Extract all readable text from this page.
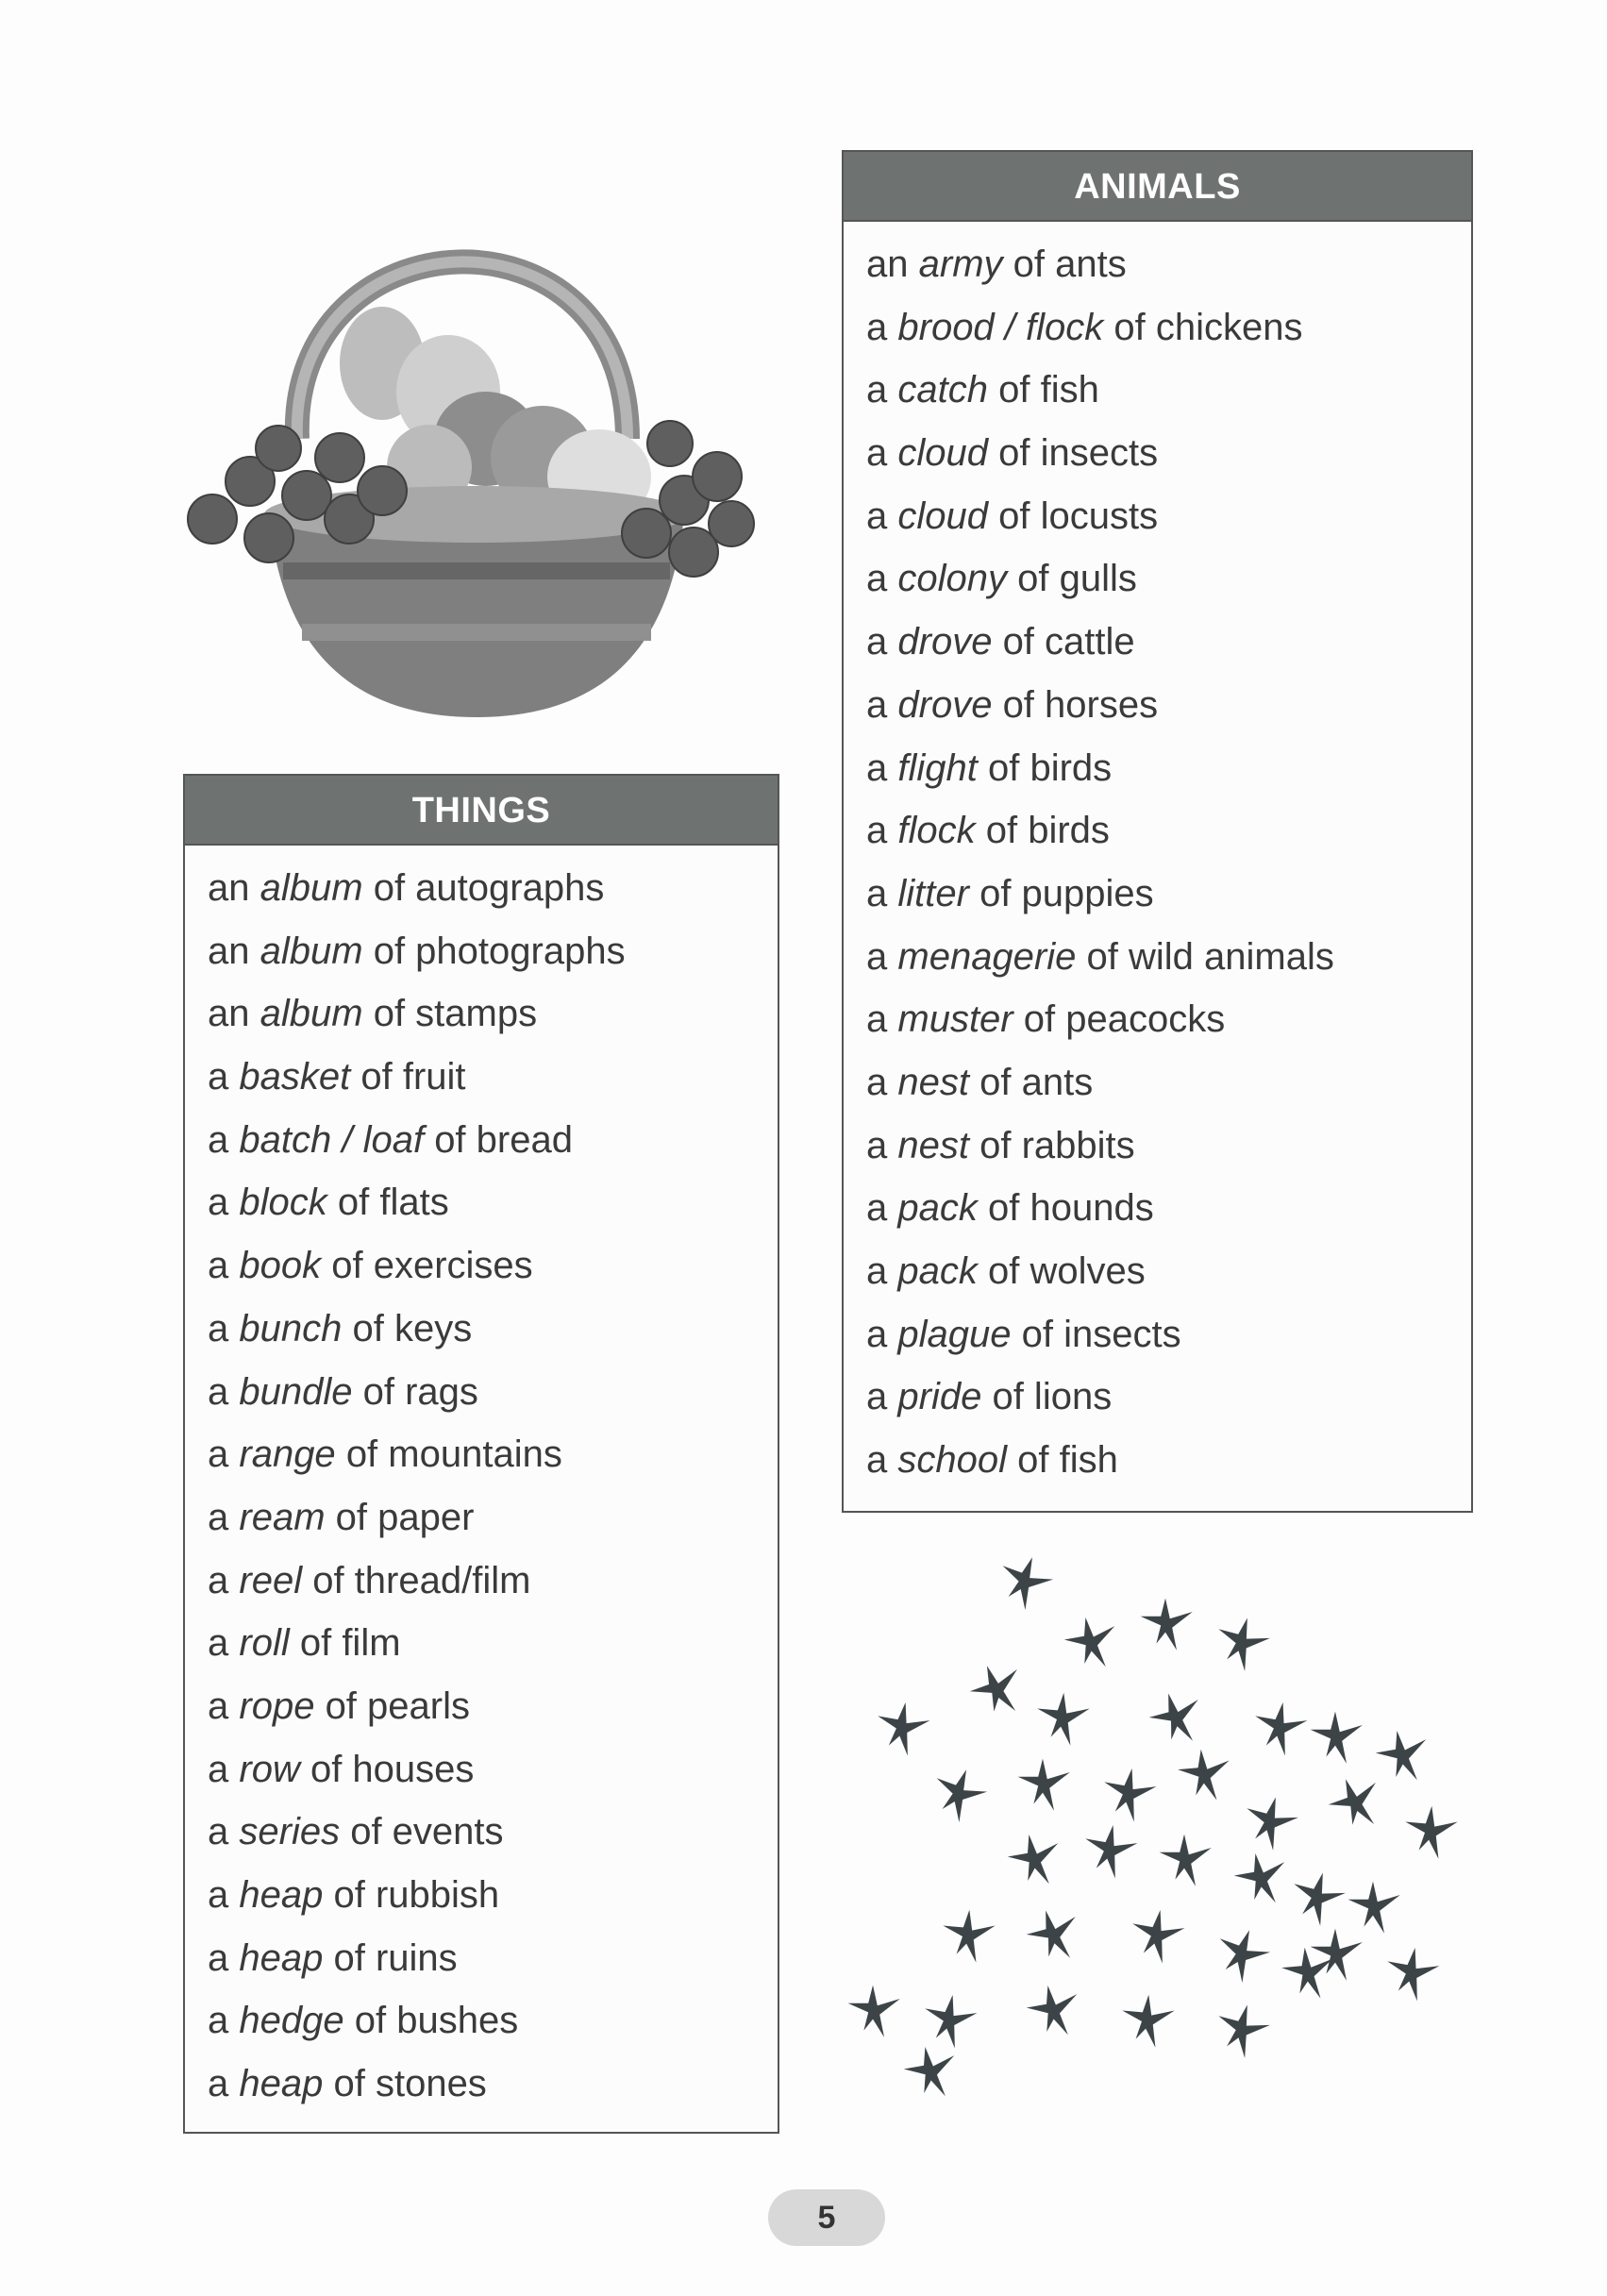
THINGS
an album of autographs
an album of photographs
an album of stamps
a basket of fruit
a batch / loaf of bread
a block of flats
a book of exercises
a bunch of keys
a bundle of rags
a range of mountains
a ream of paper
a reel of thread/film
a roll of film
a rope of pearls
a row of houses
a series of events
a heap of rubbish
a heap of ruins
a hedge of bushes
a heap of stones
ANIMALS
an army of ants
a brood / flock of chickens
a catch of fish
a cloud of insects
a cloud of locusts
a colony of gulls
a drove of cattle
a drove of horses
a flight of birds
a flock of birds
a litter of puppies
a menagerie of wild animals
a muster of peacocks
a nest of ants
a nest of rabbits
a pack of hounds
a pack of wolves
a plague of insects
a pride of lions
a school of fish
5
